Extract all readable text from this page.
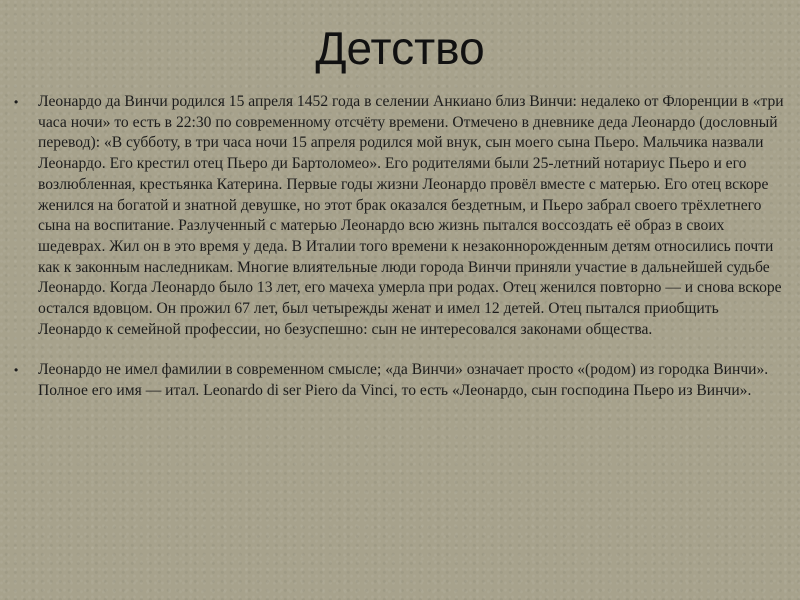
Детство
• Леонардо да Винчи родился 15 апреля 1452 года в селении Анкиано близ Винчи: недалеко от Флоренции в «три часа ночи» то есть в 22:30 по современному отсчёту времени. Отмечено в дневнике деда Леонардо (дословный перевод): «В субботу, в три часа ночи 15 апреля родился мой внук, сын моего сына Пьеро. Мальчика назвали Леонардо. Его крестил отец Пьеро ди Бартоломео». Его родителями были 25-летний нотариус Пьеро и его возлюбленная, крестьянка Катерина. Первые годы жизни Леонардо провёл вместе с матерью. Его отец вскоре женился на богатой и знатной девушке, но этот брак оказался бездетным, и Пьеро забрал своего трёхлетнего сына на воспитание. Разлученный с матерью Леонардо всю жизнь пытался воссоздать её образ в своих шедеврах. Жил он в это время у деда. В Италии того времени к незаконнорожденным детям относились почти как к законным наследникам. Многие влиятельные люди города Винчи приняли участие в дальнейшей судьбе Леонардо. Когда Леонардо было 13 лет, его мачеха умерла при родах. Отец женился повторно — и снова вскоре остался вдовцом. Он прожил 67 лет, был четырежды женат и имел 12 детей. Отец пытался приобщить Леонардо к семейной профессии, но безуспешно: сын не интересовался законами общества.
• Леонардо не имел фамилии в современном смысле; «да Винчи» означает просто «(родом) из городка Винчи». Полное его имя — итал. Leonardo di ser Piero da Vinci, то есть «Леонардо, сын господина Пьеро из Винчи».
